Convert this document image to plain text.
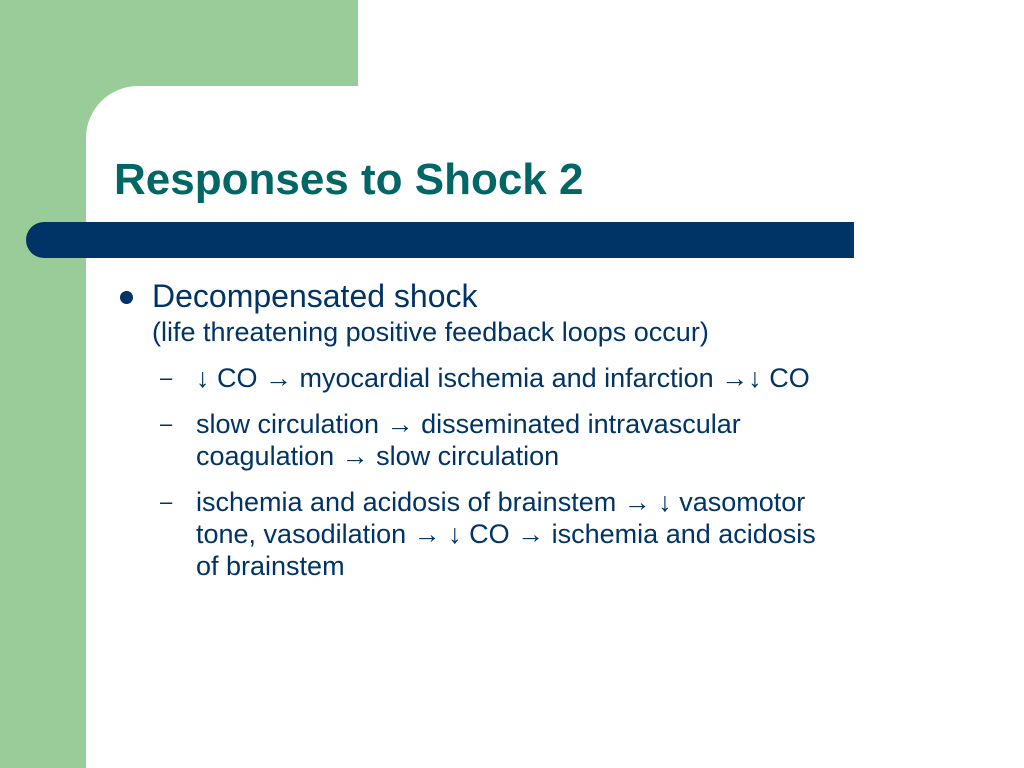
Responses to Shock 2
Decompensated shock
(life threatening positive feedback loops occur)
– ↓ CO → myocardial ischemia and infarction →↓ CO
– slow circulation → disseminated intravascular
coagulation → slow circulation
– ischemia and acidosis of brainstem → ↓ vasomotor
tone, vasodilation → ↓ CO → ischemia and acidosis
of brainstem
